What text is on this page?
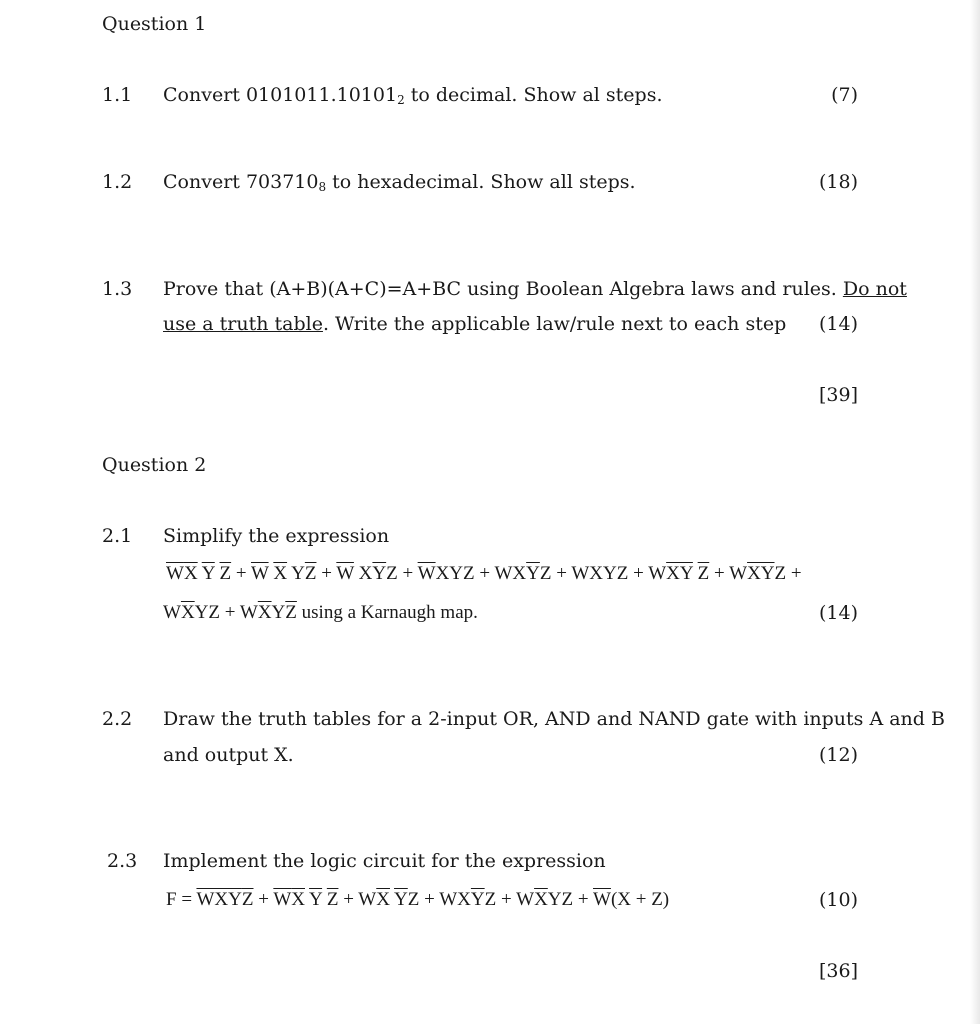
Question 1
1.1 Convert $0101011.10101_2$ to decimal. Show al steps.	(7)
1.2 Convert $703710_8$ to hexadecimal. Show all steps.	(18)
1.3 Prove that (A+B)(A+C)=A+BC using Boolean Algebra laws and rules. Do not
use a truth table. Write the applicable law/rule next to each step (14)
[39]
Question 2
2.1 Simplify the expression
$\overline{W}\overline{X}$ $\overline{Y}$ $\overline{Z} + \overline{W}$ $\overline{X}$ $Y\overline{Z} + \overline{W}$ $X\overline{Y}Z + \overline{W}XYZ + WX\overline{Y}Z$ + WXYZ + $W\overline{XY}$ $\overline{Z} + W\overline{XY}Z$ +
$W\overline{X}YZ + W\overline{X}Y\overline{Z}$ using a Karnaugh map.	(14)
2.2 Draw the truth tables for a 2-input OR, AND and NAND gate with inputs A and B
and output X.	(12)
2.3 Implement the logic circuit for the expression
F = WXYZ + $\overline{W}\overline{X}$ $\overline{Y}$ $\overline{Z} + W\overline{X}$ $\overline{Y}Z + WX\overline{Y}Z + W\overline{X}YZ + \overline{W}(X + Z)$	(10)
[36]
